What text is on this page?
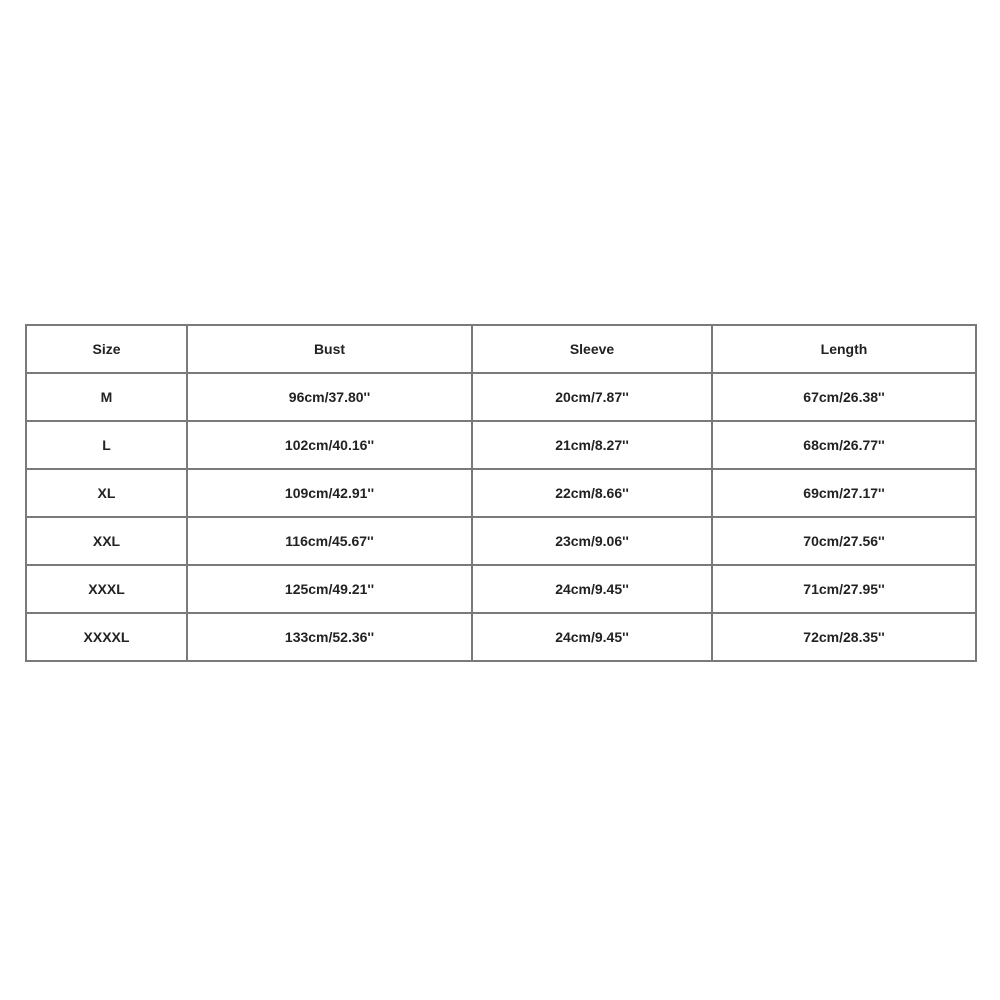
Size	Bust	Sleeve	Length
M	96cm/37.80''	20cm/7.87''	67cm/26.38''
L	102cm/40.16''	21cm/8.27''	68cm/26.77''
XL	109cm/42.91''	22cm/8.66''	69cm/27.17''
XXL	116cm/45.67''	23cm/9.06''	70cm/27.56''
XXXL	125cm/49.21''	24cm/9.45''	71cm/27.95''
XXXXL	133cm/52.36''	24cm/9.45''	72cm/28.35''
